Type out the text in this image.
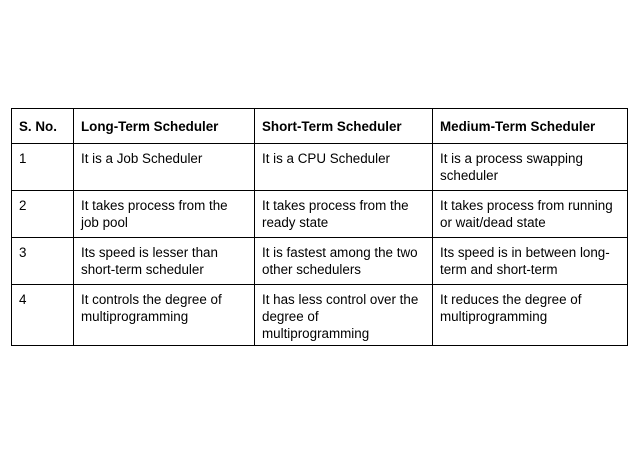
S. No.	Long-Term Scheduler	Short-Term Scheduler	Medium-Term Scheduler
1	It is a Job Scheduler	It is a CPU Scheduler	It is a process swapping scheduler
2	It takes process from the job pool	It takes process from the ready state	It takes process from running or wait/dead state
3	Its speed is lesser than short-term scheduler	It is fastest among the two other schedulers	Its speed is in between long-term and short-term
4	It controls the degree of multiprogramming	It has less control over the degree of multiprogramming	It reduces the degree of multiprogramming
